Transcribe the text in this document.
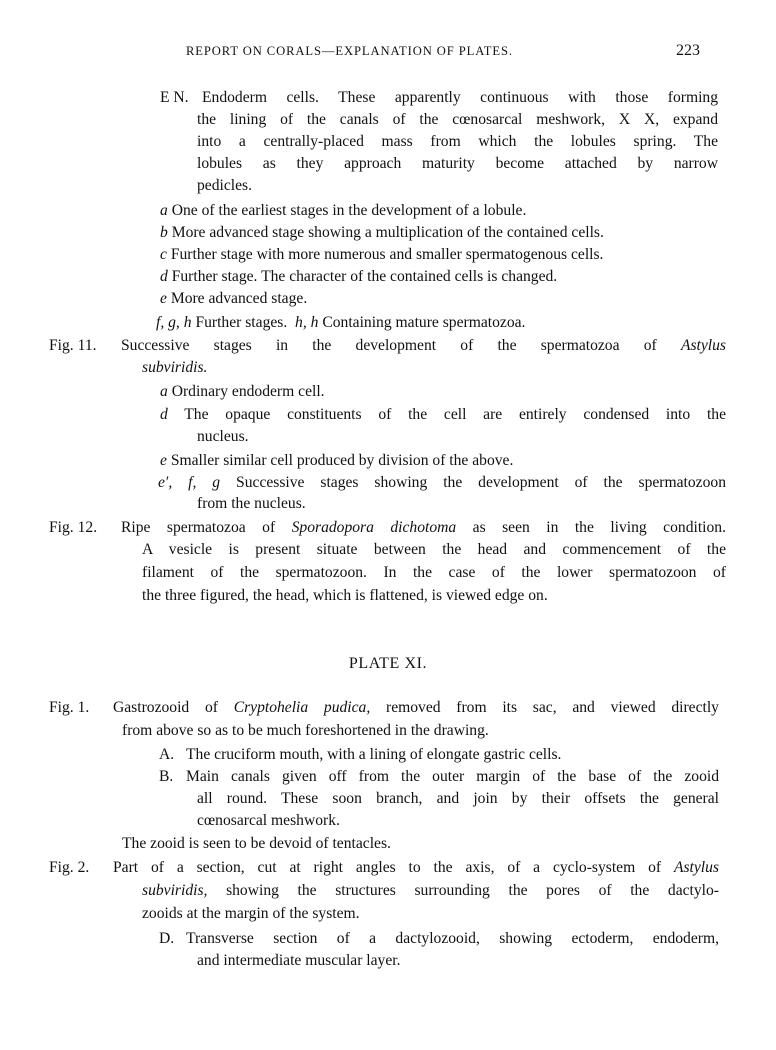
REPORT ON CORALS—EXPLANATION OF PLATES.	223
E N. Endoderm cells. These apparently continuous with those forming
the lining of the canals of the cœnosarcal meshwork, X X, expand
into a centrally-placed mass from which the lobules spring. The
lobules as they approach maturity become attached by narrow
pedicles.
a One of the earliest stages in the development of a lobule.
b More advanced stage showing a multiplication of the contained cells.
c Further stage with more numerous and smaller spermatogenous cells.
d Further stage. The character of the contained cells is changed.
e More advanced stage.
f, g, h Further stages. h, h Containing mature spermatozoa.
Fig. 11. Successive stages in the development of the spermatozoa of Astylus
subviridis.
a Ordinary endoderm cell.
d The opaque constituents of the cell are entirely condensed into the
nucleus.
e Smaller similar cell produced by division of the above.
e′, f, g Successive stages showing the development of the spermatozoon
from the nucleus.
Fig. 12. Ripe spermatozoa of Sporadopora dichotoma as seen in the living condition.
A vesicle is present situate between the head and commencement of the
filament of the spermatozoon. In the case of the lower spermatozoon of
the three figured, the head, which is flattened, is viewed edge on.
PLATE XI.
Fig. 1. Gastrozooid of Cryptohelia pudica, removed from its sac, and viewed directly
from above so as to be much foreshortened in the drawing.
A. The cruciform mouth, with a lining of elongate gastric cells.
B. Main canals given off from the outer margin of the base of the zooid
all round. These soon branch, and join by their offsets the general
cœnosarcal meshwork.
The zooid is seen to be devoid of tentacles.
Fig. 2. Part of a section, cut at right angles to the axis, of a cyclo-system of Astylus
subviridis, showing the structures surrounding the pores of the dactylo-
zooids at the margin of the system.
D. Transverse section of a dactylozooid, showing ectoderm, endoderm,
and intermediate muscular layer.
